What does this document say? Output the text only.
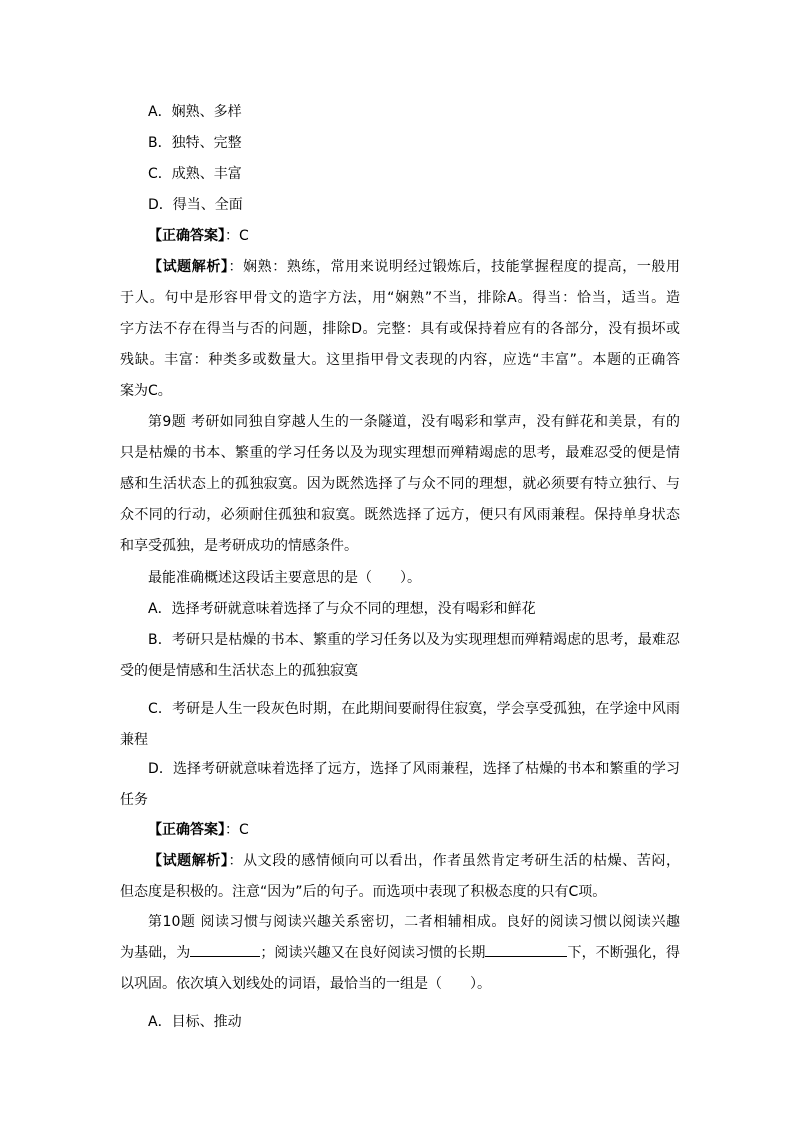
A．娴熟、多样
B．独特、完整
C．成熟、丰富
D．得当、全面
【正确答案】：C
【试题解析】：娴熟：熟练，常用来说明经过锻炼后，技能掌握程度的提高，一般用
于人。句中是形容甲骨文的造字方法，用“娴熟”不当，排除A。得当：恰当，适当。造
字方法不存在得当与否的问题，排除D。完整：具有或保持着应有的各部分，没有损坏或
残缺。丰富：种类多或数量大。这里指甲骨文表现的内容，应选“丰富”。本题的正确答
案为C。
第9题 考研如同独自穿越人生的一条隧道，没有喝彩和掌声，没有鲜花和美景，有的
只是枯燥的书本、繁重的学习任务以及为现实理想而殚精竭虑的思考，最难忍受的便是情
感和生活状态上的孤独寂寞。因为既然选择了与众不同的理想，就必须要有特立独行、与
众不同的行动，必须耐住孤独和寂寞。既然选择了远方，便只有风雨兼程。保持单身状态
和享受孤独，是考研成功的情感条件。
最能准确概述这段话主要意思的是（　　）。
A．选择考研就意味着选择了与众不同的理想，没有喝彩和鲜花
B．考研只是枯燥的书本、繁重的学习任务以及为实现理想而殚精竭虑的思考，最难忍
受的便是情感和生活状态上的孤独寂寞
C．考研是人生一段灰色时期，在此期间要耐得住寂寞，学会享受孤独，在学途中风雨
兼程
D．选择考研就意味着选择了远方，选择了风雨兼程，选择了枯燥的书本和繁重的学习
任务
【正确答案】：C
【试题解析】：从文段的感情倾向可以看出，作者虽然肯定考研生活的枯燥、苦闷，
但态度是积极的。注意“因为”后的句子。而选项中表现了积极态度的只有C项。
第10题 阅读习惯与阅读兴趣关系密切，二者相辅相成。良好的阅读习惯以阅读兴趣
为基础，为	；阅读兴趣又在良好阅读习惯的长期	下，不断强化，得
以巩固。依次填入划线处的词语，最恰当的一组是（　　）。
A．目标、推动
